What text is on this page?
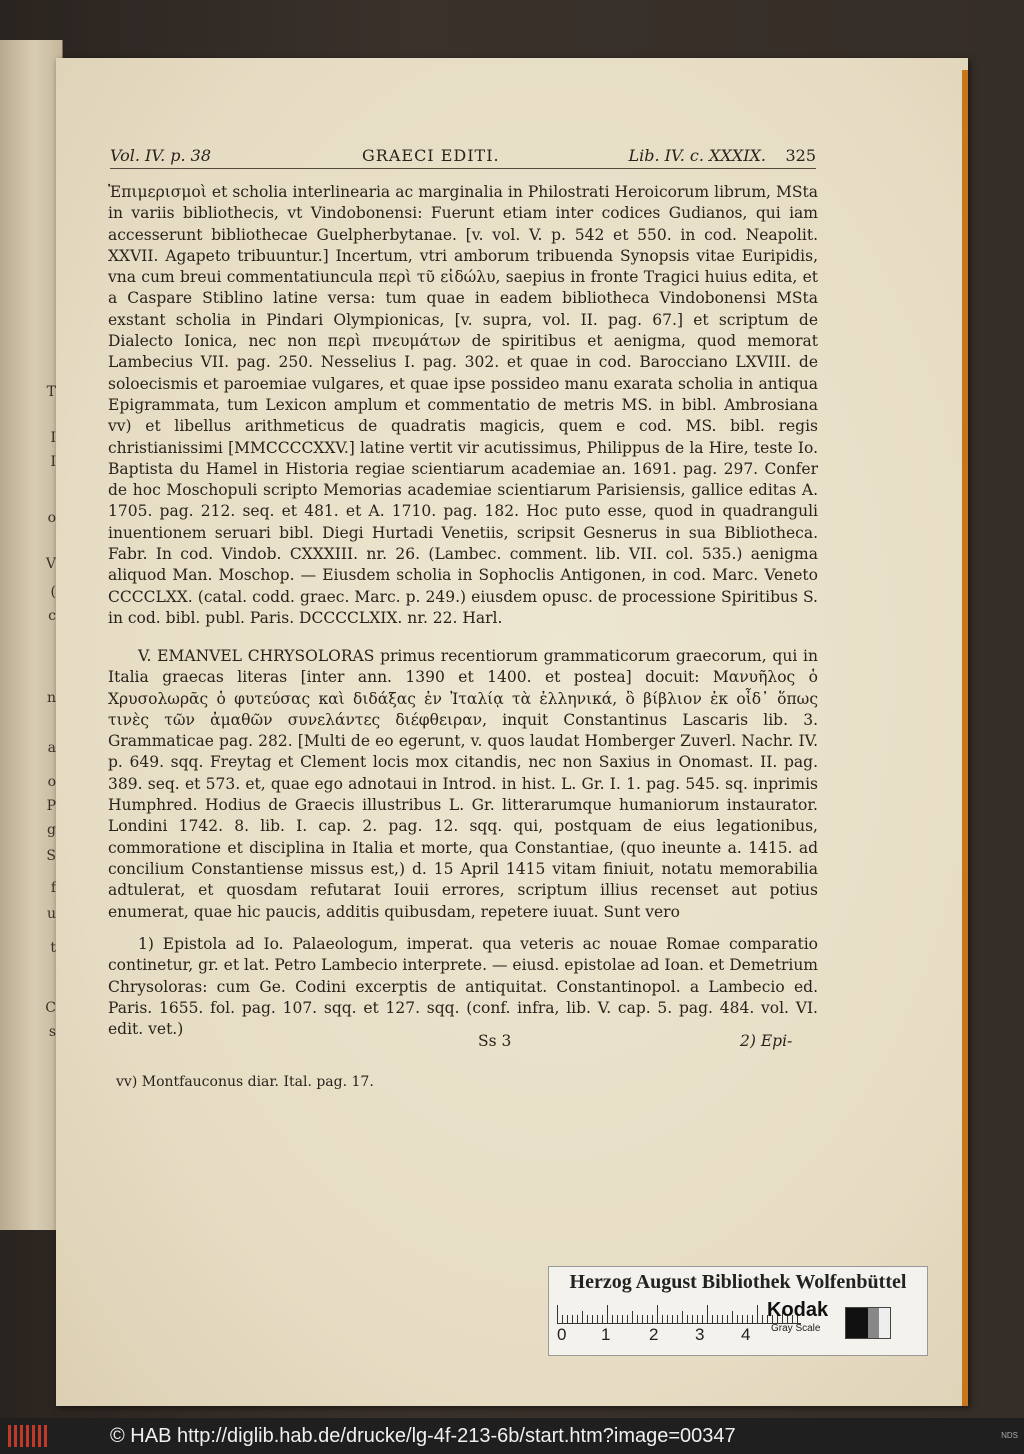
T
I
I
o
V
(
c
n
a
o
P
g
S
f
u
t
C
s
Vol. IV. p. 38	GRAECI EDITI.	Lib. IV. c. XXXIX. 325

Ἐπιμερισμοὶ et scholia interlinearia ac marginalia in Philostrati Heroicorum librum, MSta in variis bibliothecis, vt Vindobonensi: Fuerunt etiam inter codices Gudianos, qui iam accesserunt bibliothecae Guelpherbytanae. [v. vol. V. p. 542 et 550. in cod. Neapolit. XXVII. Agapeto tribuuntur.] Incertum, vtri amborum tribuenda Synopsis vitae Euripidis, vna cum breui commentatiuncula περὶ τῦ εἰδώλυ, saepius in fronte Tragici huius edita, et a Caspare Stiblino latine versa: tum quae in eadem bibliotheca Vindobonensi MSta exstant scholia in Pindari Olympionicas, [v. supra, vol. II. pag. 67.] et scriptum de Dialecto Ionica, nec non περὶ πνευμάτων de spiritibus et aenigma, quod memorat Lambecius VII. pag. 250. Nesselius I. pag. 302. et quae in cod. Barocciano LXVIII. de soloecismis et paroemiae vulgares, et quae ipse possideo manu exarata scholia in antiqua Epigrammata, tum Lexicon amplum et commentatio de metris MS. in bibl. Ambrosiana vv) et libellus arithmeticus de quadratis magicis, quem e cod. MS. bibl. regis christianissimi [MMCCCCXXV.] latine vertit vir acutissimus, Philippus de la Hire, teste Io. Baptista du Hamel in Historia regiae scientiarum academiae an. 1691. pag. 297. Confer de hoc Moschopuli scripto Memorias academiae scientiarum Parisiensis, gallice editas A. 1705. pag. 212. seq. et 481. et A. 1710. pag. 182. Hoc puto esse, quod in quadranguli inuentionem seruari bibl. Diegi Hurtadi Venetiis, scripsit Gesnerus in sua Bibliotheca. Fabr. In cod. Vindob. CXXXIII. nr. 26. (Lambec. comment. lib. VII. col. 535.) aenigma aliquod Man. Moschop. — Eiusdem scholia in Sophoclis Antigonen, in cod. Marc. Veneto CCCCLXX. (catal. codd. graec. Marc. p. 249.) eiusdem opusc. de processione Spiritibus S. in cod. bibl. publ. Paris. DCCCCLXIX. nr. 22. Harl.

V. EMANVEL CHRYSOLORAS primus recentiorum grammaticorum graecorum, qui in Italia graecas literas [inter ann. 1390 et 1400. et postea] docuit: Μανυῆλος ὁ Χρυσολωρᾶς ὁ φυτεύσας καὶ διδάξας ἐν Ἰταλίᾳ τὰ ἑλληνικά, ὃ βίβλιον ἐκ οἶδ᾽ ὅπως τινὲς τῶν ἀμαθῶν συνελάντες διέφθειραν, inquit Constantinus Lascaris lib. 3. Grammaticae pag. 282. [Multi de eo egerunt, v. quos laudat Homberger Zuverl. Nachr. IV. p. 649. sqq. Freytag et Clement locis mox citandis, nec non Saxius in Onomast. II. pag. 389. seq. et 573. et, quae ego adnotaui in Introd. in hist. L. Gr. I. 1. pag. 545. sq. inprimis Humphred. Hodius de Graecis illustribus L. Gr. litterarumque humaniorum instaurator. Londini 1742. 8. lib. I. cap. 2. pag. 12. sqq. qui, postquam de eius legationibus, commoratione et disciplina in Italia et morte, qua Constantiae, (quo ineunte a. 1415. ad concilium Constantiense missus est,) d. 15 April 1415 vitam finiuit, notatu memorabilia adtulerat, et quosdam refutarat Iouii errores, scriptum illius recenset aut potius enumerat, quae hic paucis, additis quibusdam, repetere iuuat. Sunt vero

1) Epistola ad Io. Palaeologum, imperat. qua veteris ac nouae Romae comparatio continetur, gr. et lat. Petro Lambecio interprete. — eiusd. epistolae ad Ioan. et Demetrium Chrysoloras: cum Ge. Codini excerptis de antiquitat. Constantinopol. a Lambecio ed. Paris. 1655. fol. pag. 107. sqq. et 127. sqq. (conf. infra, lib. V. cap. 5. pag. 484. vol. VI. edit. vet.)

Ss 3	2) Epi-
vv) Montfauconus diar. Ital. pag. 17.
Herzog August Bibliothek Wolfenbüttel
0 1 2 3 4
Kodak
Gray Scale
© HAB http://diglib.hab.de/drucke/lg-4f-213-6b/start.htm?image=00347	NDS
